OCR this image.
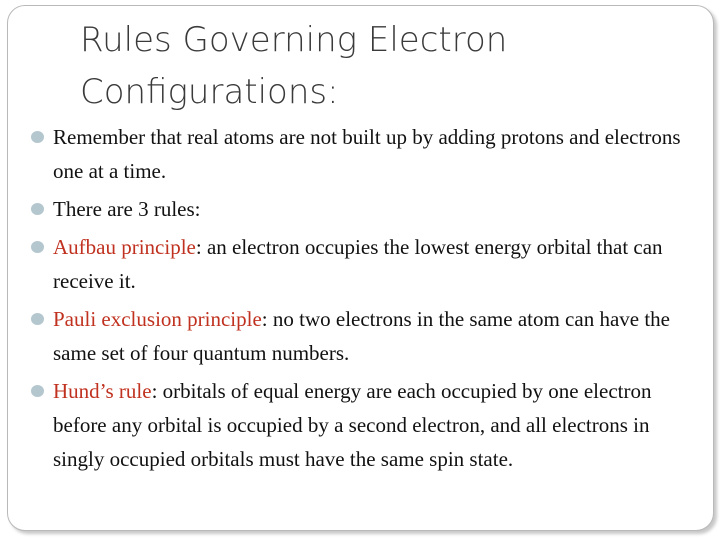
Rules Governing Electron
Configurations:
Remember that real atoms are not built up by adding protons and electrons one at a time.
There are 3 rules:
Aufbau principle: an electron occupies the lowest energy orbital that can receive it.
Pauli exclusion principle: no two electrons in the same atom can have the same set of four quantum numbers.
Hund’s rule: orbitals of equal energy are each occupied by one electron before any orbital is occupied by a second electron, and all electrons in singly occupied orbitals must have the same spin state.
